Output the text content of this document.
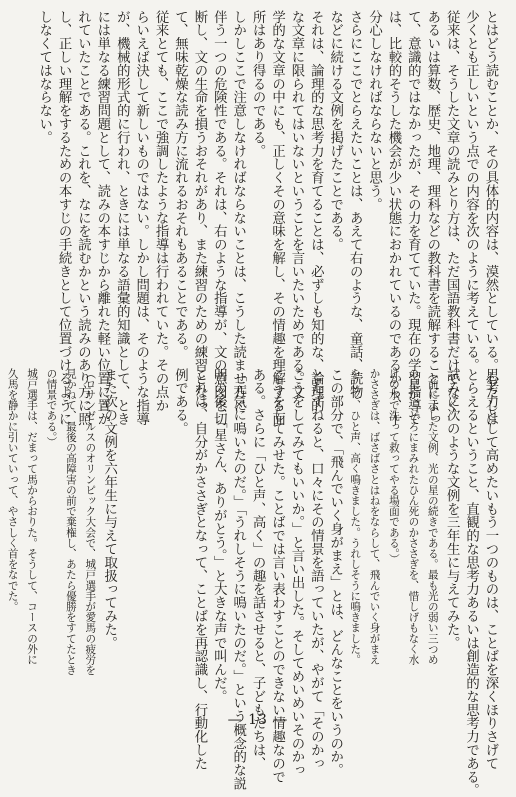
とはどう読むことか、その具体的内容は、漠然としている。わたしは

少くとも正しいという点での内容を次のように考えている。

従来は、そうした文章の読みとり方は、ただ国語教科書だけでなく

あるいは算数、歴史、地理、理科などの教科書を読解することによっ

て、意識的ではなかったが、その力を育てていた。現在の学習指導で

は、比較的そうした機会が少い状態におかれているのであるから、十

分心しなければならないと思う。

さらにここでとらえたいことは、あえて右のような、童話、読物

などに続ける文例を掲げたことである。

それは、論理的な思考力を育てることは、必ずしも知的な、論理的

な文章に限られてはいないということを言いたいためである。文

学的な文章の中にも、正しくその意味を解し、その情趣を理解する面

所はあり得るのである。

しかしここで注意しなければならないことは、こうした読ませ方に

伴う一つの危険性である。それは、右のような指導が、文の意図を切

断し、文の生命を損うおそれがあり、また練習のための練習となっ

て、無味乾燥な読み方に流れるおそれもあることである。

従来とても、ここで強調したような指導は行われていた。その点か

らいえば決して新しいものではない。しかし問題は、そのような指導

が、機械的形式的に行われ、ときには単なる語彙的知識として、とき

には単なる練習問題として、読みの本すじから離れた軽い位置に置か

れていたことである。これを、なにを読むかという読みのあり方に照

し、正しい理解をするための本すじの手続きとして位置づけるように

しなくてはならない。

思考力として高めたいもう一つのものは、ことばを深くほりさげて

とらえるということ、直観的な思考力あるいは創造的な思考力である。

試みに次のような文例を三年生に与えてみた。

（前に示した文例、光の星の続きである。最も光の弱い三つめ

の星が、どろにまみれたひん死のかささぎを、惜しげもなく水

けの水で洗って救ってやる場面である。）

かささぎは、ばさばさとはねをならして、飛んでいく身がまえ

をして、ひと声、高く鳴きました。うれしそうに鳴きました。

この部分で、「飛んでいく身がまえ」とは、どんなことをいうのか。

とたずねると、口々にその情景を語っていたが、やがて「そのかっ

こうをしてみてもいいか。」と言い出した。そしてめいめいそのかっ

こうをしてみせた。ことばでは言い表わすことのできない情趣なので

ある。さらに「ひと声、高く」の趣を話させると、子どもたちは、

「元気に鳴いたのだ。」「うれしそうに鳴いたのだ。」という概念的な説

明の後、「星さん、ありがとう。」と大きな声で叫んだ。

これは、自分がかささぎとなって、ことばを再認識し、行動化した

例である。

また次の文例を六年生に与えて取扱ってみた。

（ロサンゼルスのオリンピック大会で、城戸選手が愛馬の疲労を

見かねて、最後の高障害の前で棄権し、あたら優勝をすてたとき

の情景である。）

城戸選手は、だまって馬からおりた。そうして、コースの外に

久馬を静かに引いていって、やさしく首をなでた。

— 13 —
